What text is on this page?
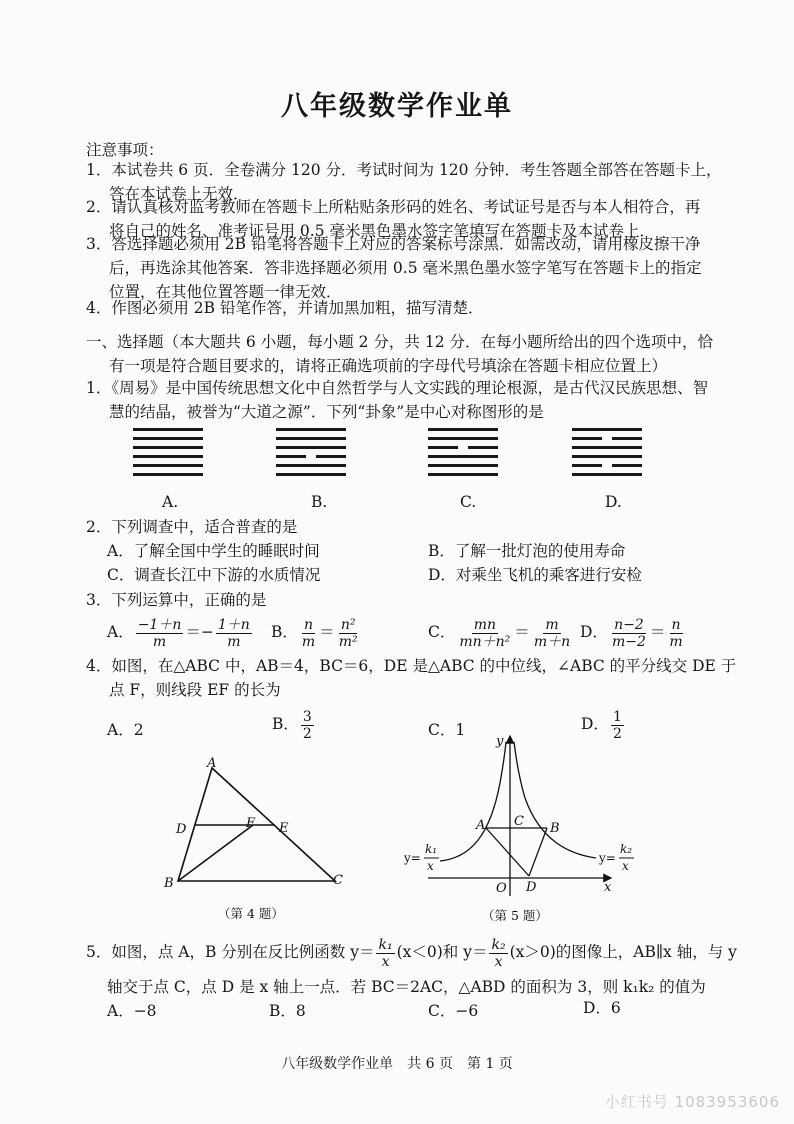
八年级数学作业单
注意事项：
1．本试卷共 6 页．全卷满分 120 分．考试时间为 120 分钟．考生答题全部答在答题卡上，
答在本试卷上无效．
2．请认真核对监考教师在答题卡上所粘贴条形码的姓名、考试证号是否与本人相符合，再
将自己的姓名、准考证号用 0.5 毫米黑色墨水签字笔填写在答题卡及本试卷上．
3．答选择题必须用 2B 铅笔将答题卡上对应的答案标号涂黑．如需改动，请用橡皮擦干净
后，再选涂其他答案．答非选择题必须用 0.5 毫米黑色墨水签字笔写在答题卡上的指定
位置，在其他位置答题一律无效．
4．作图必须用 2B 铅笔作答，并请加黑加粗，描写清楚．
一、选择题（本大题共 6 小题，每小题 2 分，共 12 分．在每小题所给出的四个选项中，恰
有一项是符合题目要求的，请将正确选项前的字母代号填涂在答题卡相应位置上）
1．《周易》是中国传统思想文化中自然哲学与人文实践的理论根源，是古代汉民族思想、智
慧的结晶，被誉为“大道之源”．下列“卦象”是中心对称图形的是
A.	B.	C.	D.
2．下列调查中，适合普查的是
A．了解全国中学生的睡眠时间	B．了解一批灯泡的使用寿命
C．调查长江中下游的水质情况	D．对乘坐飞机的乘客进行安检
3．下列运算中，正确的是
A． $\frac{-1+n}{m} =- \frac{1+n}{m}$ B． $\frac{n}{m} = \frac{\text{n²}}{\text{m²}}$	C． $\frac{mn}{\text{mn＋n²}} = \frac{m}{m+n}$ D． $\frac{n-2}{m-2} = \frac{n}{m}$
4．如图，在△ABC 中，AB＝4，BC＝6，DE 是△ABC 的中位线，∠ABC 的平分线交 DE 于
点 F，则线段 EF 的长为
A．2	B． $\frac{3}{2}$	C．1	D． $\frac{1}{2}$
A
D	F E
B	C
（第 4 题）
y
x
O
A C B
D
y=
k₁
x
y=
k₂
x
（第 5 题）
5．如图，点 A，B 分别在反比例函数 $y= \frac{\text{k₁}}{x} (x<0)$和 $y= \frac{\text{k₂}}{x} (x>0)$的图像上，AB∥x 轴，与 y
轴交于点 C，点 D 是 x 轴上一点．若 BC＝2AC，△ABD 的面积为 3，则 k₁k₂ 的值为
A．−8	B．8	C．−6	D．6
八年级数学作业单　共 6 页　第 1 页
小红书号 1083953606
